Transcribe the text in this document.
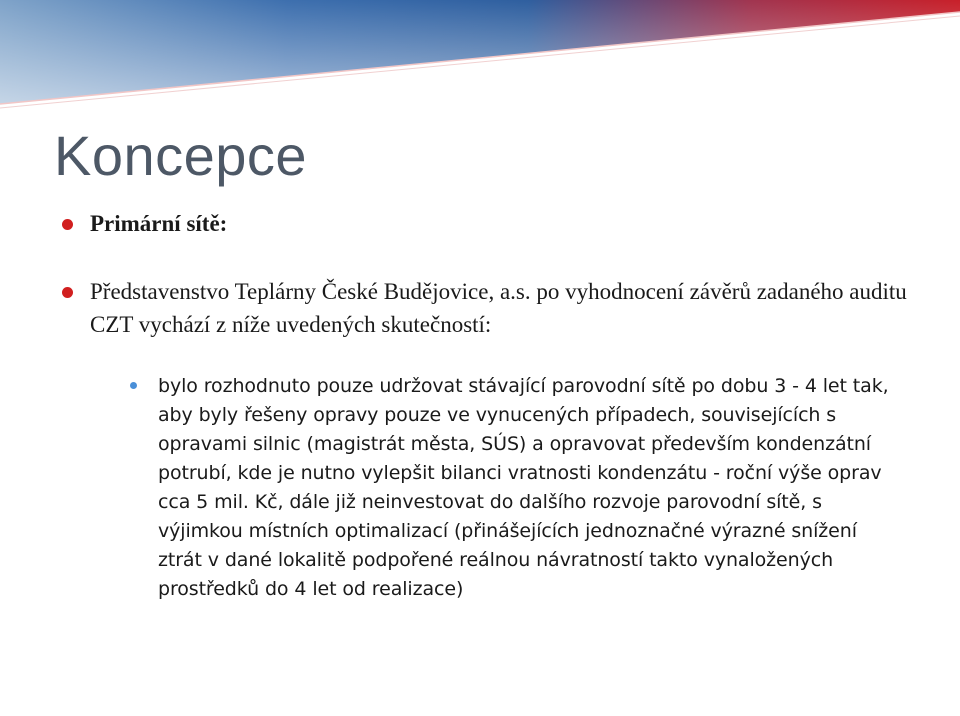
Koncepce
Primární sítě:
Představenstvo Teplárny České Budějovice, a.s. po vyhodnocení závěrů zadaného auditu CZT vychází z níže uvedených skutečností:
bylo rozhodnuto pouze udržovat stávající parovodní sítě po dobu 3 - 4 let tak, aby byly řešeny opravy pouze ve vynucených případech, souvisejících s opravami silnic (magistrát města, SÚS) a opravovat především kondenzátní potrubí, kde je nutno vylepšit bilanci vratnosti kondenzátu - roční výše oprav cca 5 mil. Kč, dále již neinvestovat do dalšího rozvoje parovodní sítě, s výjimkou místních optimalizací (přinášejících jednoznačné výrazné snížení ztrát v dané lokalitě podpořené reálnou návratností takto vynaložených prostředků do 4 let od realizace)
